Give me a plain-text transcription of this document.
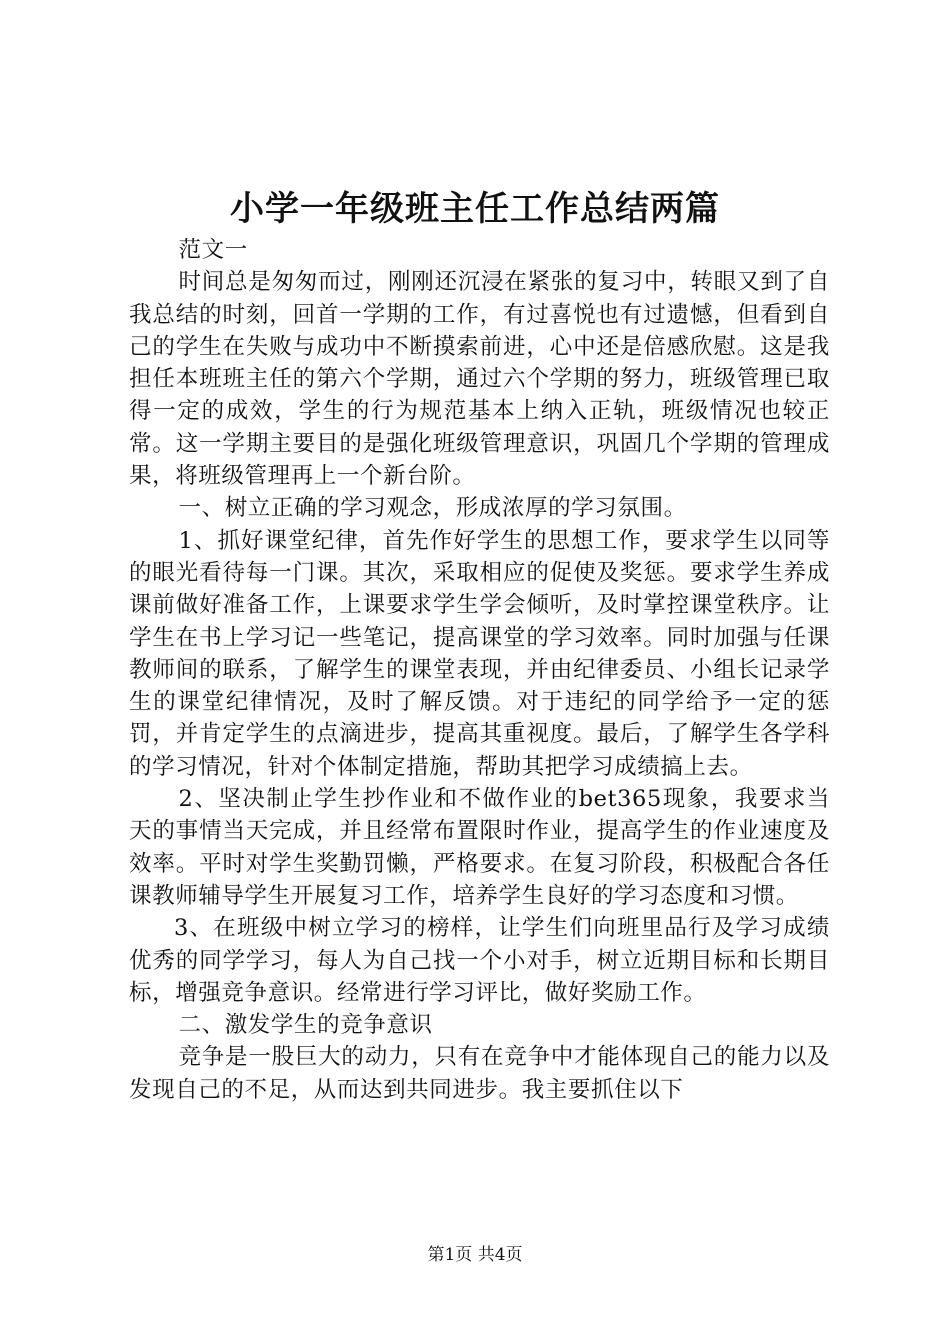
小学一年级班主任工作总结两篇

范文一

时间总是匆匆而过，刚刚还沉浸在紧张的复习中，转眼又到了自我总结的时刻，回首一学期的工作，有过喜悦也有过遗憾，但看到自己的学生在失败与成功中不断摸索前进，心中还是倍感欣慰。这是我担任本班班主任的第六个学期，通过六个学期的努力，班级管理已取得一定的成效，学生的行为规范基本上纳入正轨，班级情况也较正常。这一学期主要目的是强化班级管理意识，巩固几个学期的管理成果，将班级管理再上一个新台阶。

一、树立正确的学习观念，形成浓厚的学习氛围。

1、抓好课堂纪律，首先作好学生的思想工作，要求学生以同等的眼光看待每一门课。其次，采取相应的促使及奖惩。要求学生养成课前做好准备工作，上课要求学生学会倾听，及时掌控课堂秩序。让学生在书上学习记一些笔记，提高课堂的学习效率。同时加强与任课教师间的联系，了解学生的课堂表现，并由纪律委员、小组长记录学生的课堂纪律情况，及时了解反馈。对于违纪的同学给予一定的惩罚，并肯定学生的点滴进步，提高其重视度。最后，了解学生各学科的学习情况，针对个体制定措施，帮助其把学习成绩搞上去。

2、坚决制止学生抄作业和不做作业的bet365现象，我要求当天的事情当天完成，并且经常布置限时作业，提高学生的作业速度及效率。平时对学生奖勤罚懒，严格要求。在复习阶段，积极配合各任课教师辅导学生开展复习工作，培养学生良好的学习态度和习惯。

3、在班级中树立学习的榜样，让学生们向班里品行及学习成绩优秀的同学学习，每人为自己找一个小对手，树立近期目标和长期目标，增强竞争意识。经常进行学习评比，做好奖励工作。

二、激发学生的竞争意识

竞争是一股巨大的动力，只有在竞争中才能体现自己的能力以及发现自己的不足，从而达到共同进步。我主要抓住以下

第1页 共4页
